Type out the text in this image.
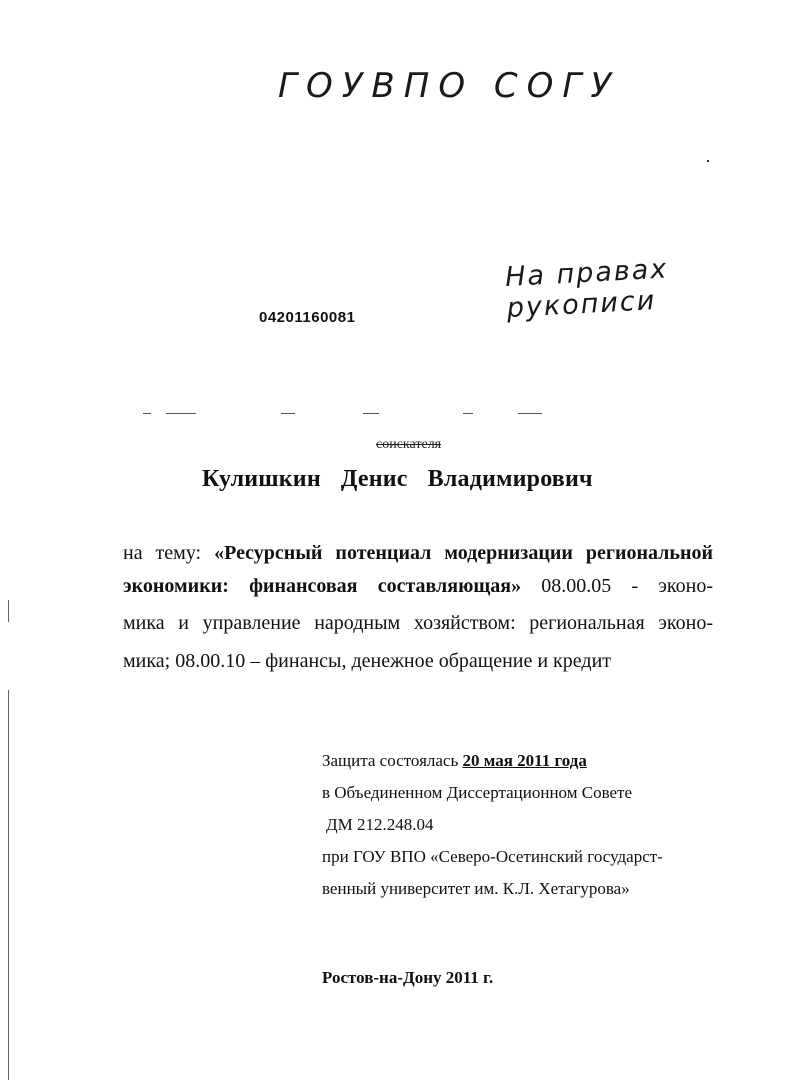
ГОУВПО СОГУ
На правах рукописи
04201160081
соискателя
Кулишкин Денис Владимирович
на тему: «Ресурсный потенциал модернизации региональной
экономики: финансовая составляющая» 08.00.05 - эконо-
мика и управление народным хозяйством: региональная эконо-
мика; 08.00.10 – финансы, денежное обращение и кредит
Защита состоялась 20 мая 2011 года
в Объединенном Диссертационном Совете
ДМ 212.248.04
при ГОУ ВПО «Северо-Осетинский государст-
венный университет им. К.Л. Хетагурова»
Ростов-на-Дону 2011 г.
